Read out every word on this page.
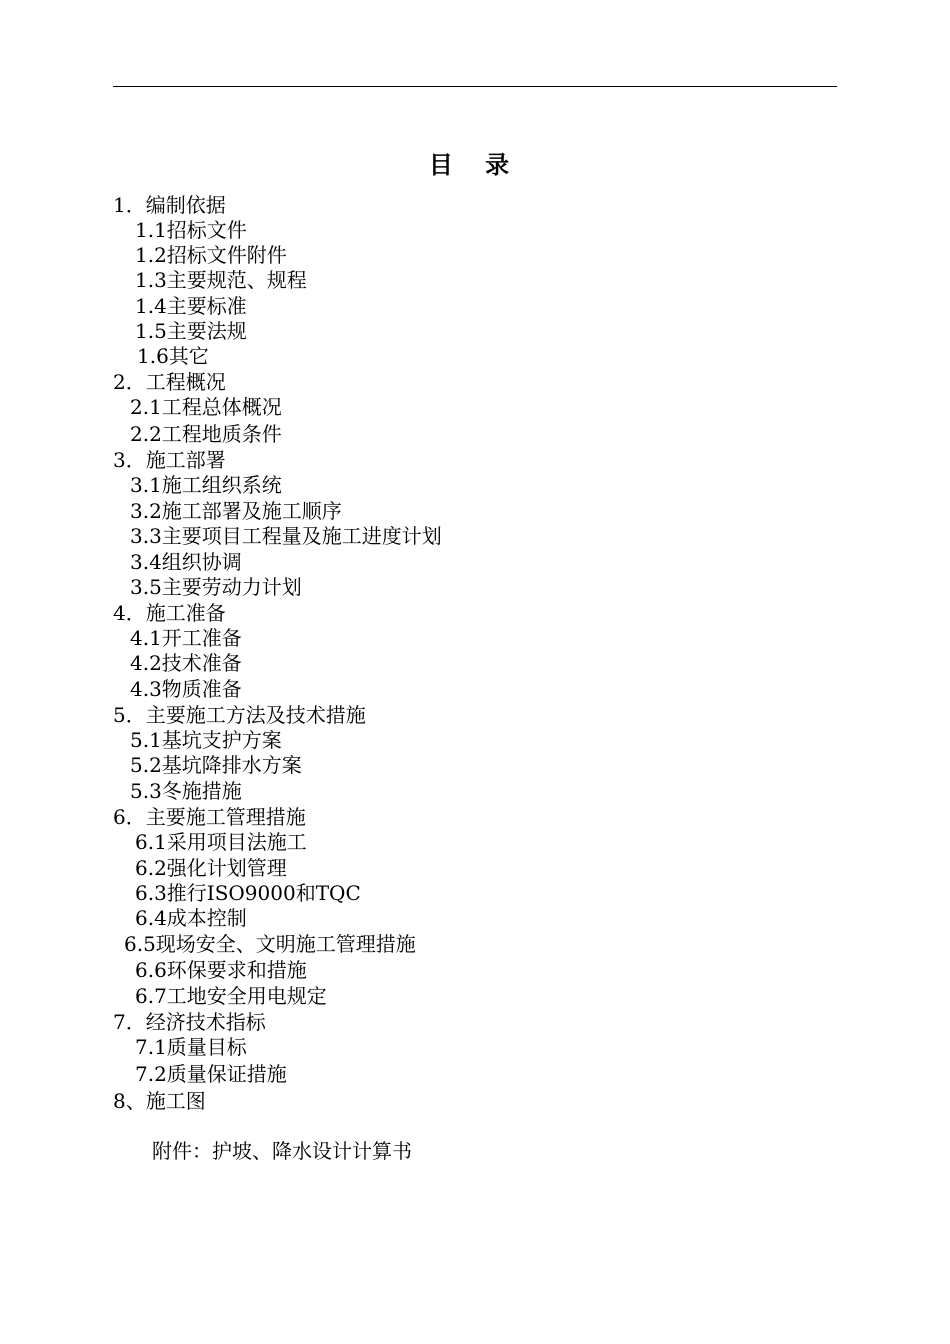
目 录
1．编制依据
1.1招标文件
1.2招标文件附件
1.3主要规范、规程
1.4主要标准
1.5主要法规
1.6其它
2．工程概况
2.1工程总体概况
2.2工程地质条件
3．施工部署
3.1施工组织系统
3.2施工部署及施工顺序
3.3主要项目工程量及施工进度计划
3.4组织协调
3.5主要劳动力计划
4．施工准备
4.1开工准备
4.2技术准备
4.3物质准备
5．主要施工方法及技术措施
5.1基坑支护方案
5.2基坑降排水方案
5.3冬施措施
6．主要施工管理措施
6.1采用项目法施工
6.2强化计划管理
6.3推行ISO9000和TQC
6.4成本控制
6.5现场安全、文明施工管理措施
6.6环保要求和措施
6.7工地安全用电规定
7．经济技术指标
7.1质量目标
7.2质量保证措施
8、施工图
附件：护坡、降水设计计算书
